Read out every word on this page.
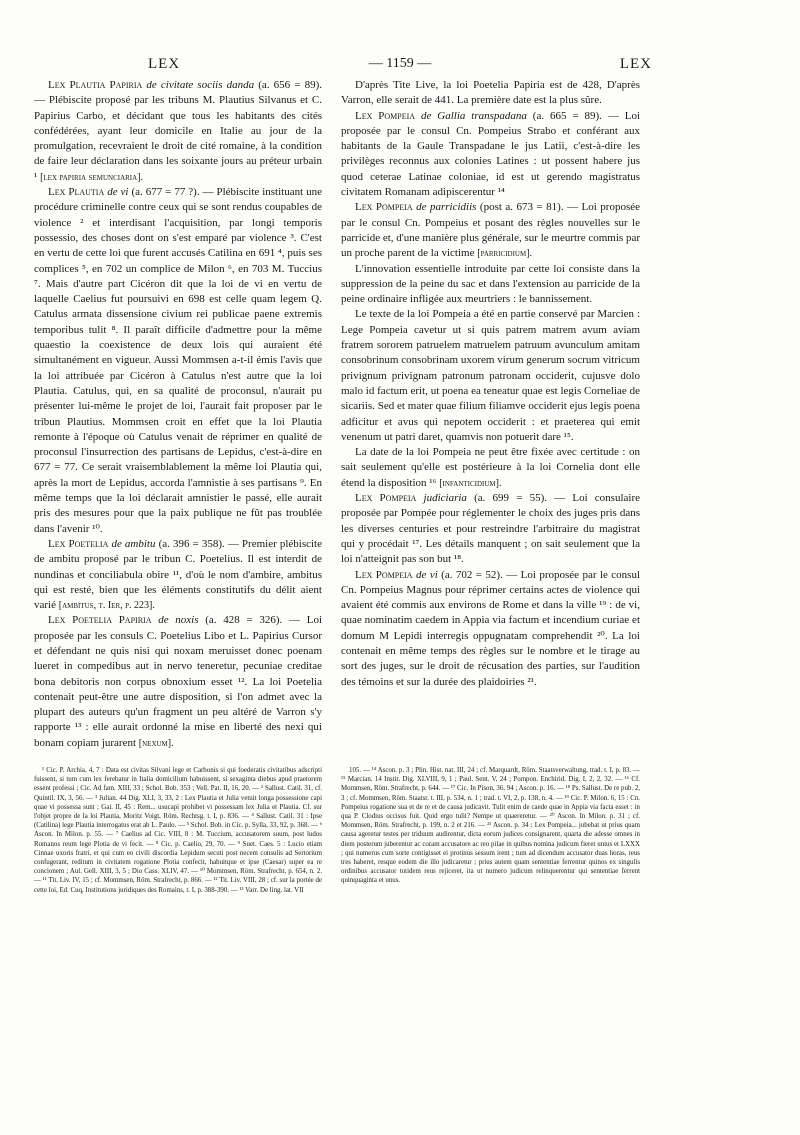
LEX	— 1159 —	LEX

Lex Plautia Papiria de civitate sociis danda (a. 656 = 89). — Plébiscite proposé par les tribuns M. Plautius Silvanus et C. Papirius Carbo, et décidant que tous les habitants des cités confédérées, ayant leur domicile en Italie au jour de la promulgation, recevraient le droit de cité romaine, à la condition de faire leur déclaration dans les soixante jours au préteur urbain ¹ [lex papiria semunciaria].

Lex Plautia de vi (a. 677 = 77 ?). — Plébiscite instituant une procédure criminelle contre ceux qui se sont rendus coupables de violence ² et interdisant l'acquisition, par longi temporis possessio, des choses dont on s'est emparé par violence ³. C'est en vertu de cette loi que furent accusés Catilina en 691 ⁴, puis ses complices ⁵, en 702 un complice de Milon ⁶, en 703 M. Tuccius ⁷. Mais d'autre part Cicéron dit que la loi de vi en vertu de laquelle Caelius fut poursuivi en 698 est celle quam legem Q. Catulus armata dissensione civium rei publicae paene extremis temporibus tulit ⁸. Il paraît difficile d'admettre pour la même quaestio la coexistence de deux lois qui auraient été simultanément en vigueur. Aussi Mommsen a-t-il émis l'avis que la loi attribuée par Cicéron à Catulus n'est autre que la loi Plautia. Catulus, qui, en sa qualité de proconsul, n'aurait pu présenter lui-même le projet de loi, l'aurait fait proposer par le tribun Plautius. Mommsen croit en effet que la loi Plautia remonte à l'époque où Catulus venait de réprimer en qualité de proconsul l'insurrection des partisans de Lepidus, c'est-à-dire en 677 = 77. Ce serait vraisemblablement la même loi Plautia qui, après la mort de Lepidus, accorda l'amnistie à ses partisans ⁹. En même temps que la loi déclarait amnistier le passé, elle aurait pris des mesures pour que la paix publique ne fût pas troublée dans l'avenir ¹⁰.

Lex Poetelia de ambitu (a. 396 = 358). — Premier plébiscite de ambitu proposé par le tribun C. Poetelius. Il est interdit de nundinas et conciliabula obire ¹¹, d'où le nom d'ambire, ambitus qui est resté, bien que les éléments constitutifs du délit aient varié [ambitus, t. Ier, p. 223].

Lex Poetelia Papiria de noxis (a. 428 = 326). — Loi proposée par les consuls C. Poetelius Libo et L. Papirius Cursor et défendant ne quis nisi qui noxam meruisset donec poenam lueret in compedibus aut in nervo teneretur, pecuniae creditae bona debitoris non corpus obnoxium esset ¹². La loi Poetelia contenait peut-être une autre disposition, si l'on admet avec la plupart des auteurs qu'un fragment un peu altéré de Varron s'y rapporte ¹³ : elle aurait ordonné la mise en liberté des nexi qui bonam copiam jurarent [nexum].

D'après Tite Live, la loi Poetelia Papiria est de 428, D'après Varron, elle serait de 441. La première date est la plus sûre.

Lex Pompeia de Gallia transpadana (a. 665 = 89). — Loi proposée par le consul Cn. Pompeius Strabo et conférant aux habitants de la Gaule Transpadane le jus Latii, c'est-à-dire les privilèges reconnus aux colonies Latines : ut possent habere jus quod ceterae Latinae coloniae, id est ut gerendo magistratus civitatem Romanam adipiscerentur ¹⁴

Lex Pompeia de parricidiis (post a. 673 = 81). — Loi proposée par le consul Cn. Pompeius et posant des règles nouvelles sur le parricide et, d'une manière plus générale, sur le meurtre commis par un proche parent de la victime [parricidium].

L'innovation essentielle introduite par cette loi consiste dans la suppression de la peine du sac et dans l'extension au parricide de la peine ordinaire infligée aux meurtriers : le bannissement.

Le texte de la loi Pompeia a été en partie conservé par Marcien : Lege Pompeia cavetur ut si quis patrem matrem avum aviam fratrem sororem patruelem matruelem patruum avunculum amitam consobrinum consobrinam uxorem virum generum socrum vitricum privignum privignam patronum patronam occiderit, cujusve dolo malo id factum erit, ut poena ea teneatur quae est legis Corneliae de sicariis. Sed et mater quae filium filiamve occiderit ejus legis poena adficitur et avus qui nepotem occiderit : et praeterea qui emit venenum ut patri daret, quamvis non potuerit dare ¹⁵.

La date de la loi Pompeia ne peut être fixée avec certitude : on sait seulement qu'elle est postérieure à la loi Cornelia dont elle étend la disposition ¹⁶ [infanticidium].

Lex Pompeia judiciaria (a. 699 = 55). — Loi consulaire proposée par Pompée pour réglementer le choix des juges pris dans les diverses centuries et pour restreindre l'arbitraire du magistrat qui y procédait ¹⁷. Les détails manquent ; on sait seulement que la loi n'atteignit pas son but ¹⁸.

Lex Pompeia de vi (a. 702 = 52). — Loi proposée par le consul Cn. Pompeius Magnus pour réprimer certains actes de violence qui avaient été commis aux environs de Rome et dans la ville ¹⁹ : de vi, quae nominatim caedem in Appia via factum et incendium curiae et domum M Lepidi interregis oppugnatam comprehendit ²⁰. La loi contenait en même temps des règles sur le nombre et le tirage au sort des juges, sur le droit de récusation des parties, sur l'audition des témoins et sur la durée des plaidoiries ²¹.

¹ Cic. P. Archia, 4, 7 : Data est civitas Silvani lege et Carbonis si qui foederatis civitatibus adscripti fuissent, si tum cum lex ferebatur in Italia domicilium habuissent, si sexaginta diebus apud praetorem essent professi ; Cic. Ad fam. XIII, 33 ; Schol. Bob. 353 ; Vell. Pat. II, 16, 20. — ² Sallust. Catil. 31, cf. Quintil. IX, 3, 56. — ³ Julian. 44 Dig. XLI, 3, 33, 2 : Lex Plautia et Julia vetuit longa possessione capi quae vi possessa sunt ; Gai. II, 45 : Rem... usucapi prohibet vi possessam lex Julia et Plautia. Cf. sur l'objet propre de la loi Plautia, Moritz Voigt, Röm. Rechtsg. t. I, p. 836. — ⁴ Sallust. Catil. 31 : Ipse (Catilina) lege Plautia interrogatus erat ab L. Paulo. — ⁵ Schol. Bob. in Cic. p. Sylla, 33, 92, p. 368. — ⁶ Ascon. In Milon. p. 55. — ⁷ Caelius ad Cic. VIII, 8 : M. Tuccium, accusatorem suum, post ludos Romanos reum lege Plotia de vi fecit. — ⁸ Cic. p. Caelio, 29, 70. — ⁹ Suet. Caes. 5 : Lucio etiam Cinnae uxoris fratri, et qui cum eo civili discordia Lepidum secuti post necem consulis ad Sertorium confugerant, reditum in civitatem rogatione Plotia confecit, habuitque et ipse (Caesar) super ea re concionem ; Aul. Gell. XIII, 3, 5 ; Dio Cass. XLIV, 47. — ¹⁰ Mommsen, Röm. Strafrecht, p. 654, n. 2. — ¹¹ Tit. Liv. IV, 15 ; cf. Mommsen, Röm. Strafrecht, p. 866. — ¹² Tit. Liv. VIII, 28 ; cf. sur la portée de cette loi, Ed. Cuq, Institutions juridiques des Romains, t. I, p. 388-390. — ¹³ Varr. De ling. lat. VII

105. — ¹⁴ Ascon. p. 3 ; Plin. Hist. nat. III, 24 ; cf. Marquardt, Röm. Staatsverwaltung, trad. t. I, p. 83. — ¹⁵ Marcian. 14 Instit. Dig. XLVIII, 9, 1 ; Paul. Sent. V, 24 ; Pompon. Enchirid. Dig. I, 2, 2, 32. — ¹⁶ Cf. Mommsen, Röm. Strafrecht, p. 644. — ¹⁷ Cic. In Pison, 36, 94 ; Ascon. p. 16. — ¹⁸ Ps. Sallust. De re pub. 2, 3 ; cf. Mommsen, Röm. Staatsr. t. III, p. 534, n. 1 ; trad. t. VI, 2, p. 138, n. 4. — ¹⁹ Cic. P. Milon. 6, 15 : Cn. Pompeius rogatione sua et de re et de causa judicavit. Tulit enim de caede quae in Appia via facta esset : in qua P. Clodius occisus fuit. Quid ergo tulit? Nempe ut quaereretur. — ²⁰ Ascon. In Milon. p. 31 ; cf. Mommsen, Röm. Strafrecht, p. 199, n. 2 et 216. — ²¹ Ascon. p. 34 : Lex Pompeia... jubebat ut prius quam causa ageretur testes per triduum audirentur, dicta eorum judices consignarent, quarta die adesse omnes in diem posterum juberentur ac coram accusatore ac reo pilae in quibus nomina judicum fieret unius et LXXX ; qui numerus cum sorte contigisset ei protinus sessum irent ; tum ad dicendum accusator duas horas, reus tres haberet, resque eodem die illo judicaretur ; prius autem quam sententiae ferrentur quinos ex singulis ordinibus accusator totidem reus rejiceret, ita ut numero judicum relinquerentur qui sententiae ferrent quinquaginta et unus.
